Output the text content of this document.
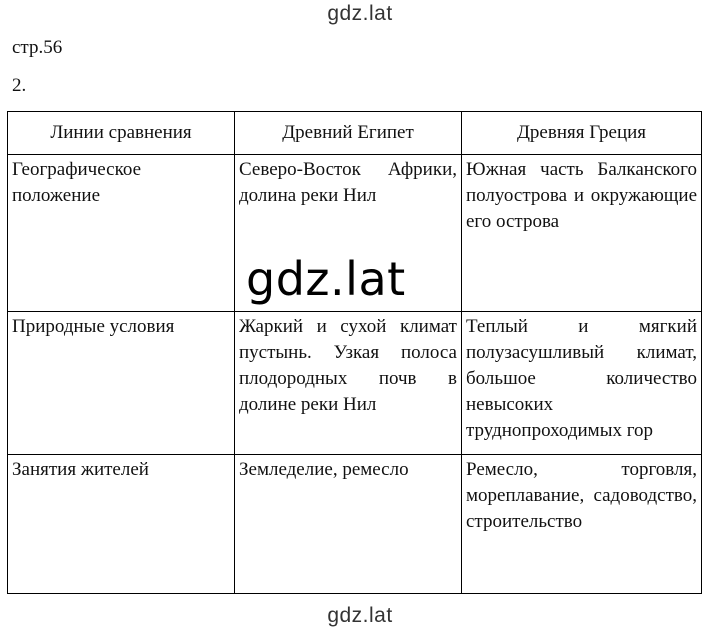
gdz.lat
стр.56
2.
Линии сравнения	Древний Египет	Древняя Греция
Географическое положение	Северо-Восток Африки, долина реки Нил	Южная часть Балканского полуострова и окружающие его острова
Природные условия	Жаркий и сухой климат пустынь. Узкая полоса плодородных почв в долине реки Нил	Теплый и мягкий полузасушливый климат, большое количество невысоких труднопроходимых гор
Занятия жителей	Земледелие, ремесло	Ремесло, торговля, мореплавание, садоводство, строительство
gdz.lat
gdz.lat
